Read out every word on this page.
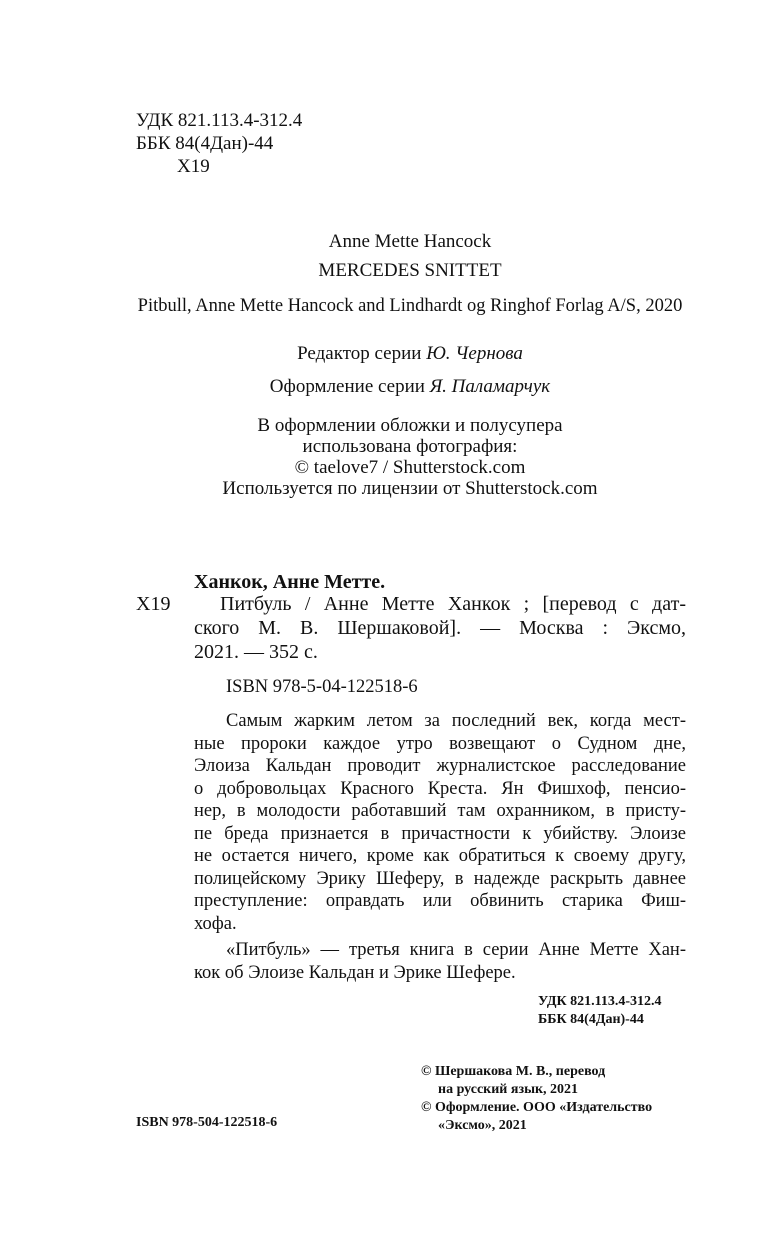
УДК 821.113.4-312.4
ББК 84(4Дан)-44
Х19
Anne Mette Hancock
MERCEDES SNITTET
Pitbull, Anne Mette Hancock and Lindhardt og Ringhof Forlag A/S, 2020
Редактор серии Ю. Чернова
Оформление серии Я. Паламарчук
В оформлении обложки и полусупера
использована фотография:
© taelove7 / Shutterstock.com
Используется по лицензии от Shutterstock.com
Ханкок, Анне Метте.
Х19 Питбуль / Анне Метте Ханкок ; [перевод с дат-
ского М. В. Шершаковой]. — Москва : Эксмо,
2021. — 352 с.
ISBN 978-5-04-122518-6
Самым жарким летом за последний век, когда мест-
ные пророки каждое утро возвещают о Судном дне,
Элоиза Кальдан проводит журналистское расследование
о добровольцах Красного Креста. Ян Фишхоф, пенсио-
нер, в молодости работавший там охранником, в присту-
пе бреда признается в причастности к убийству. Элоизе
не остается ничего, кроме как обратиться к своему другу,
полицейскому Эрику Шеферу, в надежде раскрыть давнее
преступление: оправдать или обвинить старика Фиш-
хофа.
«Питбуль» — третья книга в серии Анне Метте Хан-
кок об Элоизе Кальдан и Эрике Шефере.
УДК 821.113.4-312.4
ББК 84(4Дан)-44
© Шершакова М. В., перевод
на русский язык, 2021
© Оформление. ООО «Издательство
«Эксмо», 2021
ISBN 978-504-122518-6
